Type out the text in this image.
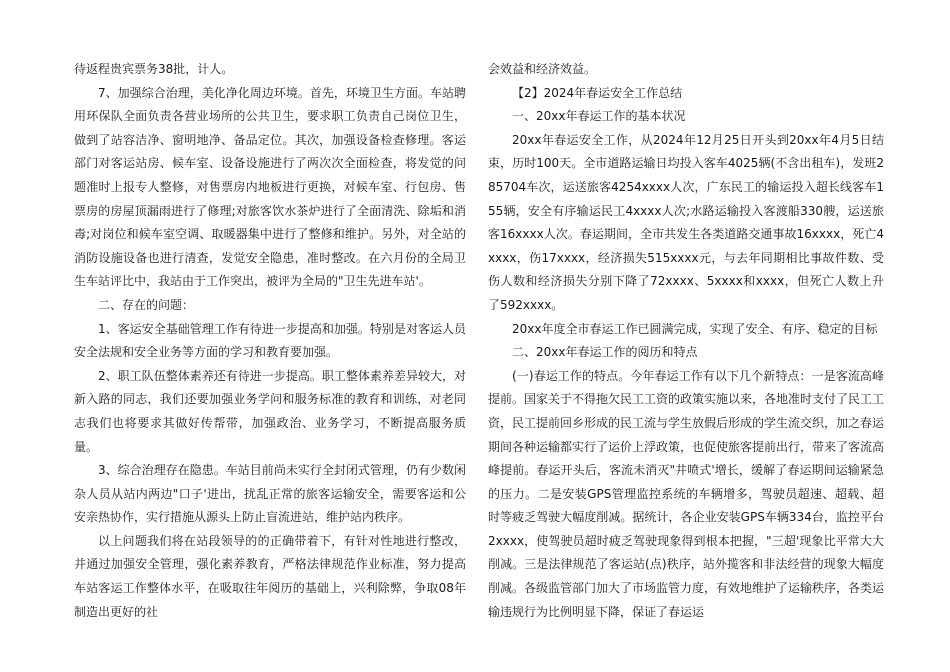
待返程贵宾票务38批，计人。

7、加强综合治理，美化净化周边环境。首先，环境卫生方面。车站聘用环保队全面负责各营业场所的公共卫生，要求职工负责自己岗位卫生，做到了站容洁净、窗明地净、备品定位。其次，加强设备检查修理。客运部门对客运站房、候车室、设备设施进行了两次次全面检查，将发觉的问题准时上报专人整修，对售票房内地板进行更换，对候车室、行包房、售票房的房屋顶漏雨进行了修理;对旅客饮水茶炉进行了全面清洗、除垢和消毒;对岗位和候车室空调、取暖器集中进行了整修和维护。另外，对全站的消防设施设备也进行清查，发觉安全隐患，准时整改。在六月份的全局卫生车站评比中，我站由于工作突出，被评为全局的"卫生先进车站'。

二、存在的问题：

1、客运安全基础管理工作有待进一步提高和加强。特别是对客运人员安全法规和安全业务等方面的学习和教育要加强。

2、职工队伍整体素养还有待进一步提高。职工整体素养差异较大，对新入路的同志，我们还要加强业务学问和服务标准的教育和训练，对老同志我们也将要求其做好传帮带，加强政治、业务学习，不断提高服务质量。

3、综合治理存在隐患。车站目前尚未实行全封闭式管理，仍有少数闲杂人员从站内两边"口子'进出，扰乱正常的旅客运输安全，需要客运和公安亲热协作，实行措施从源头上防止盲流进站，维护站内秩序。

以上问题我们将在站段领导的的正确带着下，有针对性地进行整改，并通过加强安全管理，强化素养教育，严格法律规范作业标准，努力提高车站客运工作整体水平，在吸取往年阅历的基础上，兴利除弊，争取08年制造出更好的社

会效益和经济效益。

【2】2024年春运安全工作总结

一、20xx年春运工作的基本状况

20xx年春运安全工作，从2024年12月25日开头到20xx年4月5日结束，历时100天。全市道路运输日均投入客车4025辆(不含出租车)，发班285704车次，运送旅客4254xxxx人次，广东民工的输运投入超长线客车155辆，安全有序输运民工4xxxx人次;水路运输投入客渡船330艘，运送旅客16xxxx人次。春运期间，全市共发生各类道路交通事故16xxxx，死亡4xxxx，伤17xxxx，经济损失515xxxx元，与去年同期相比事故件数、受伤人数和经济损失分别下降了72xxxx、5xxxx和xxxx，但死亡人数上升了592xxxx。

20xx年度全市春运工作已圆满完成，实现了安全、有序、稳定的目标

二、20xx年春运工作的阅历和特点

(一)春运工作的特点。今年春运工作有以下几个新特点：一是客流高峰提前。国家关于不得拖欠民工工资的政策实施以来，各地准时支付了民工工资，民工提前回乡形成的民工流与学生放假后形成的学生流交织，加之春运期间各种运输都实行了运价上浮政策，也促使旅客提前出行，带来了客流高峰提前。春运开头后，客流未消灭"井喷式'增长，缓解了春运期间运输紧急的压力。二是安装GPS管理监控系统的车辆增多，驾驶员超速、超载、超时等疲乏驾驶大幅度削减。据统计，各企业安装GPS车辆334台，监控平台2xxxx，使驾驶员超时疲乏驾驶现象得到根本把握，"三超'现象比平常大大削减。三是法律规范了客运站(点)秩序，站外揽客和非法经营的现象大幅度削减。各级监管部门加大了市场监管力度，有效地维护了运输秩序，各类运输违规行为比例明显下降，保证了春运运
